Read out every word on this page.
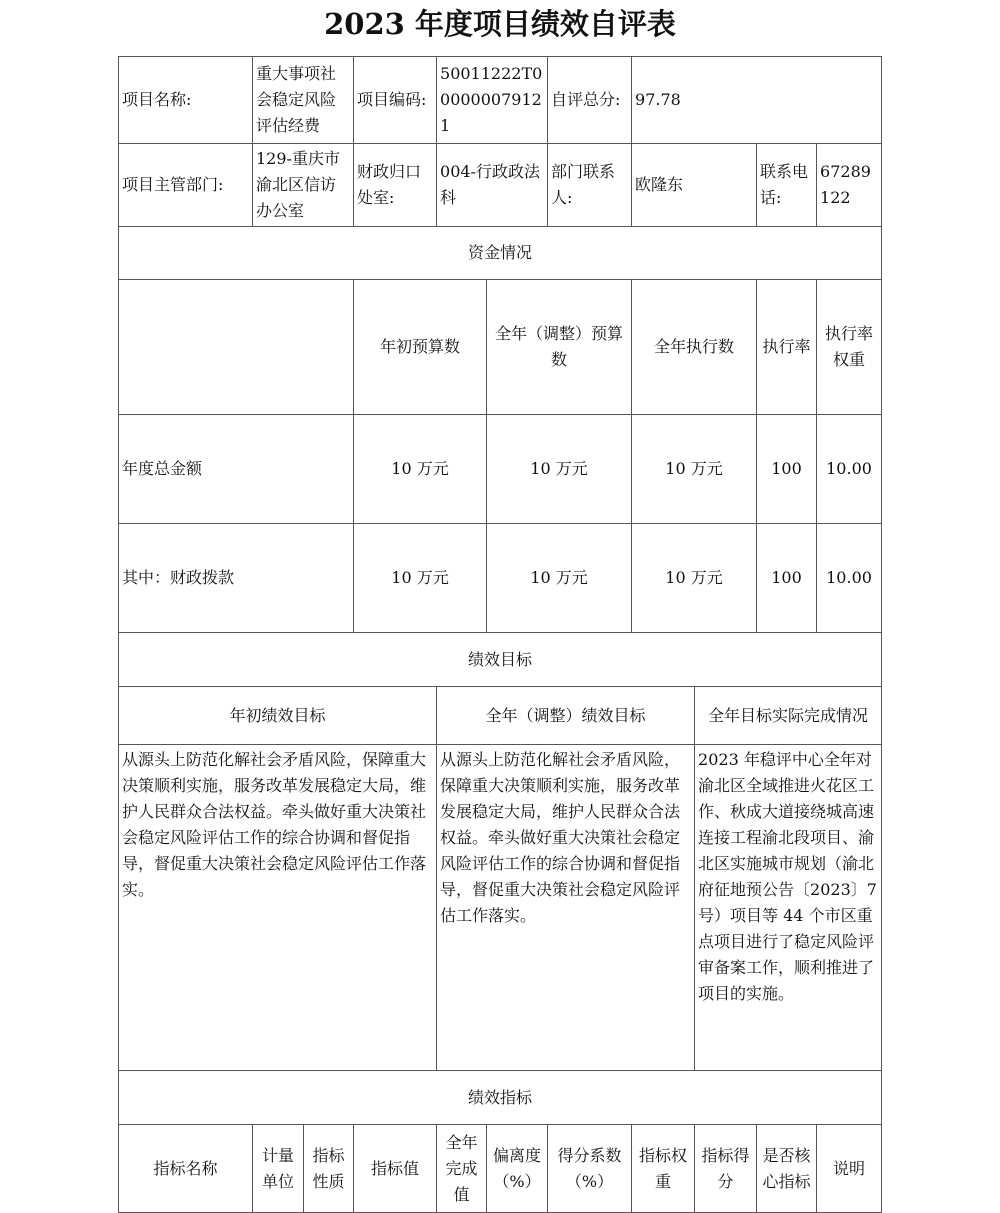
2023 年度项目绩效自评表
项目名称:	重大事项社会稳定风险评估经费		项目编码:	50011222T000000079121		自评总分:	97.78				
项目主管部门:	129-重庆市渝北区信访办公室		财政归口处室:	004-行政政法科		部门联系人:	欧隆东		联系电话:	67289122	
资金情况											
			年初预算数		全年（调整）预算数		全年执行数		执行率	执行率权重	
年度总金额			10 万元		10 万元		10 万元		100	10.00	
其中：财政拨款			10 万元		10 万元		10 万元		100	10.00	
绩效目标											
年初绩效目标				全年（调整）绩效目标				全年目标实际完成情况			
从源头上防范化解社会矛盾风险，保障重大决策顺利实施，服务改革发展稳定大局，维护人民群众合法权益。牵头做好重大决策社会稳定风险评估工作的综合协调和督促指导，督促重大决策社会稳定风险评估工作落实。				从源头上防范化解社会矛盾风险，保障重大决策顺利实施，服务改革发展稳定大局，维护人民群众合法权益。牵头做好重大决策社会稳定风险评估工作的综合协调和督促指导，督促重大决策社会稳定风险评估工作落实。				2023 年稳评中心全年对渝北区全域推进火花区工作、秋成大道接绕城高速连接工程渝北段项目、渝北区实施城市规划（渝北府征地预公告〔2023〕7 号）项目等 44 个市区重点项目进行了稳定风险评审备案工作，顺利推进了项目的实施。			
绩效指标											
指标名称	计量单位	指标性质	指标值	全年完成值	偏离度（%）	得分系数（%）	指标权重	指标得分	是否核心指标	说明	
